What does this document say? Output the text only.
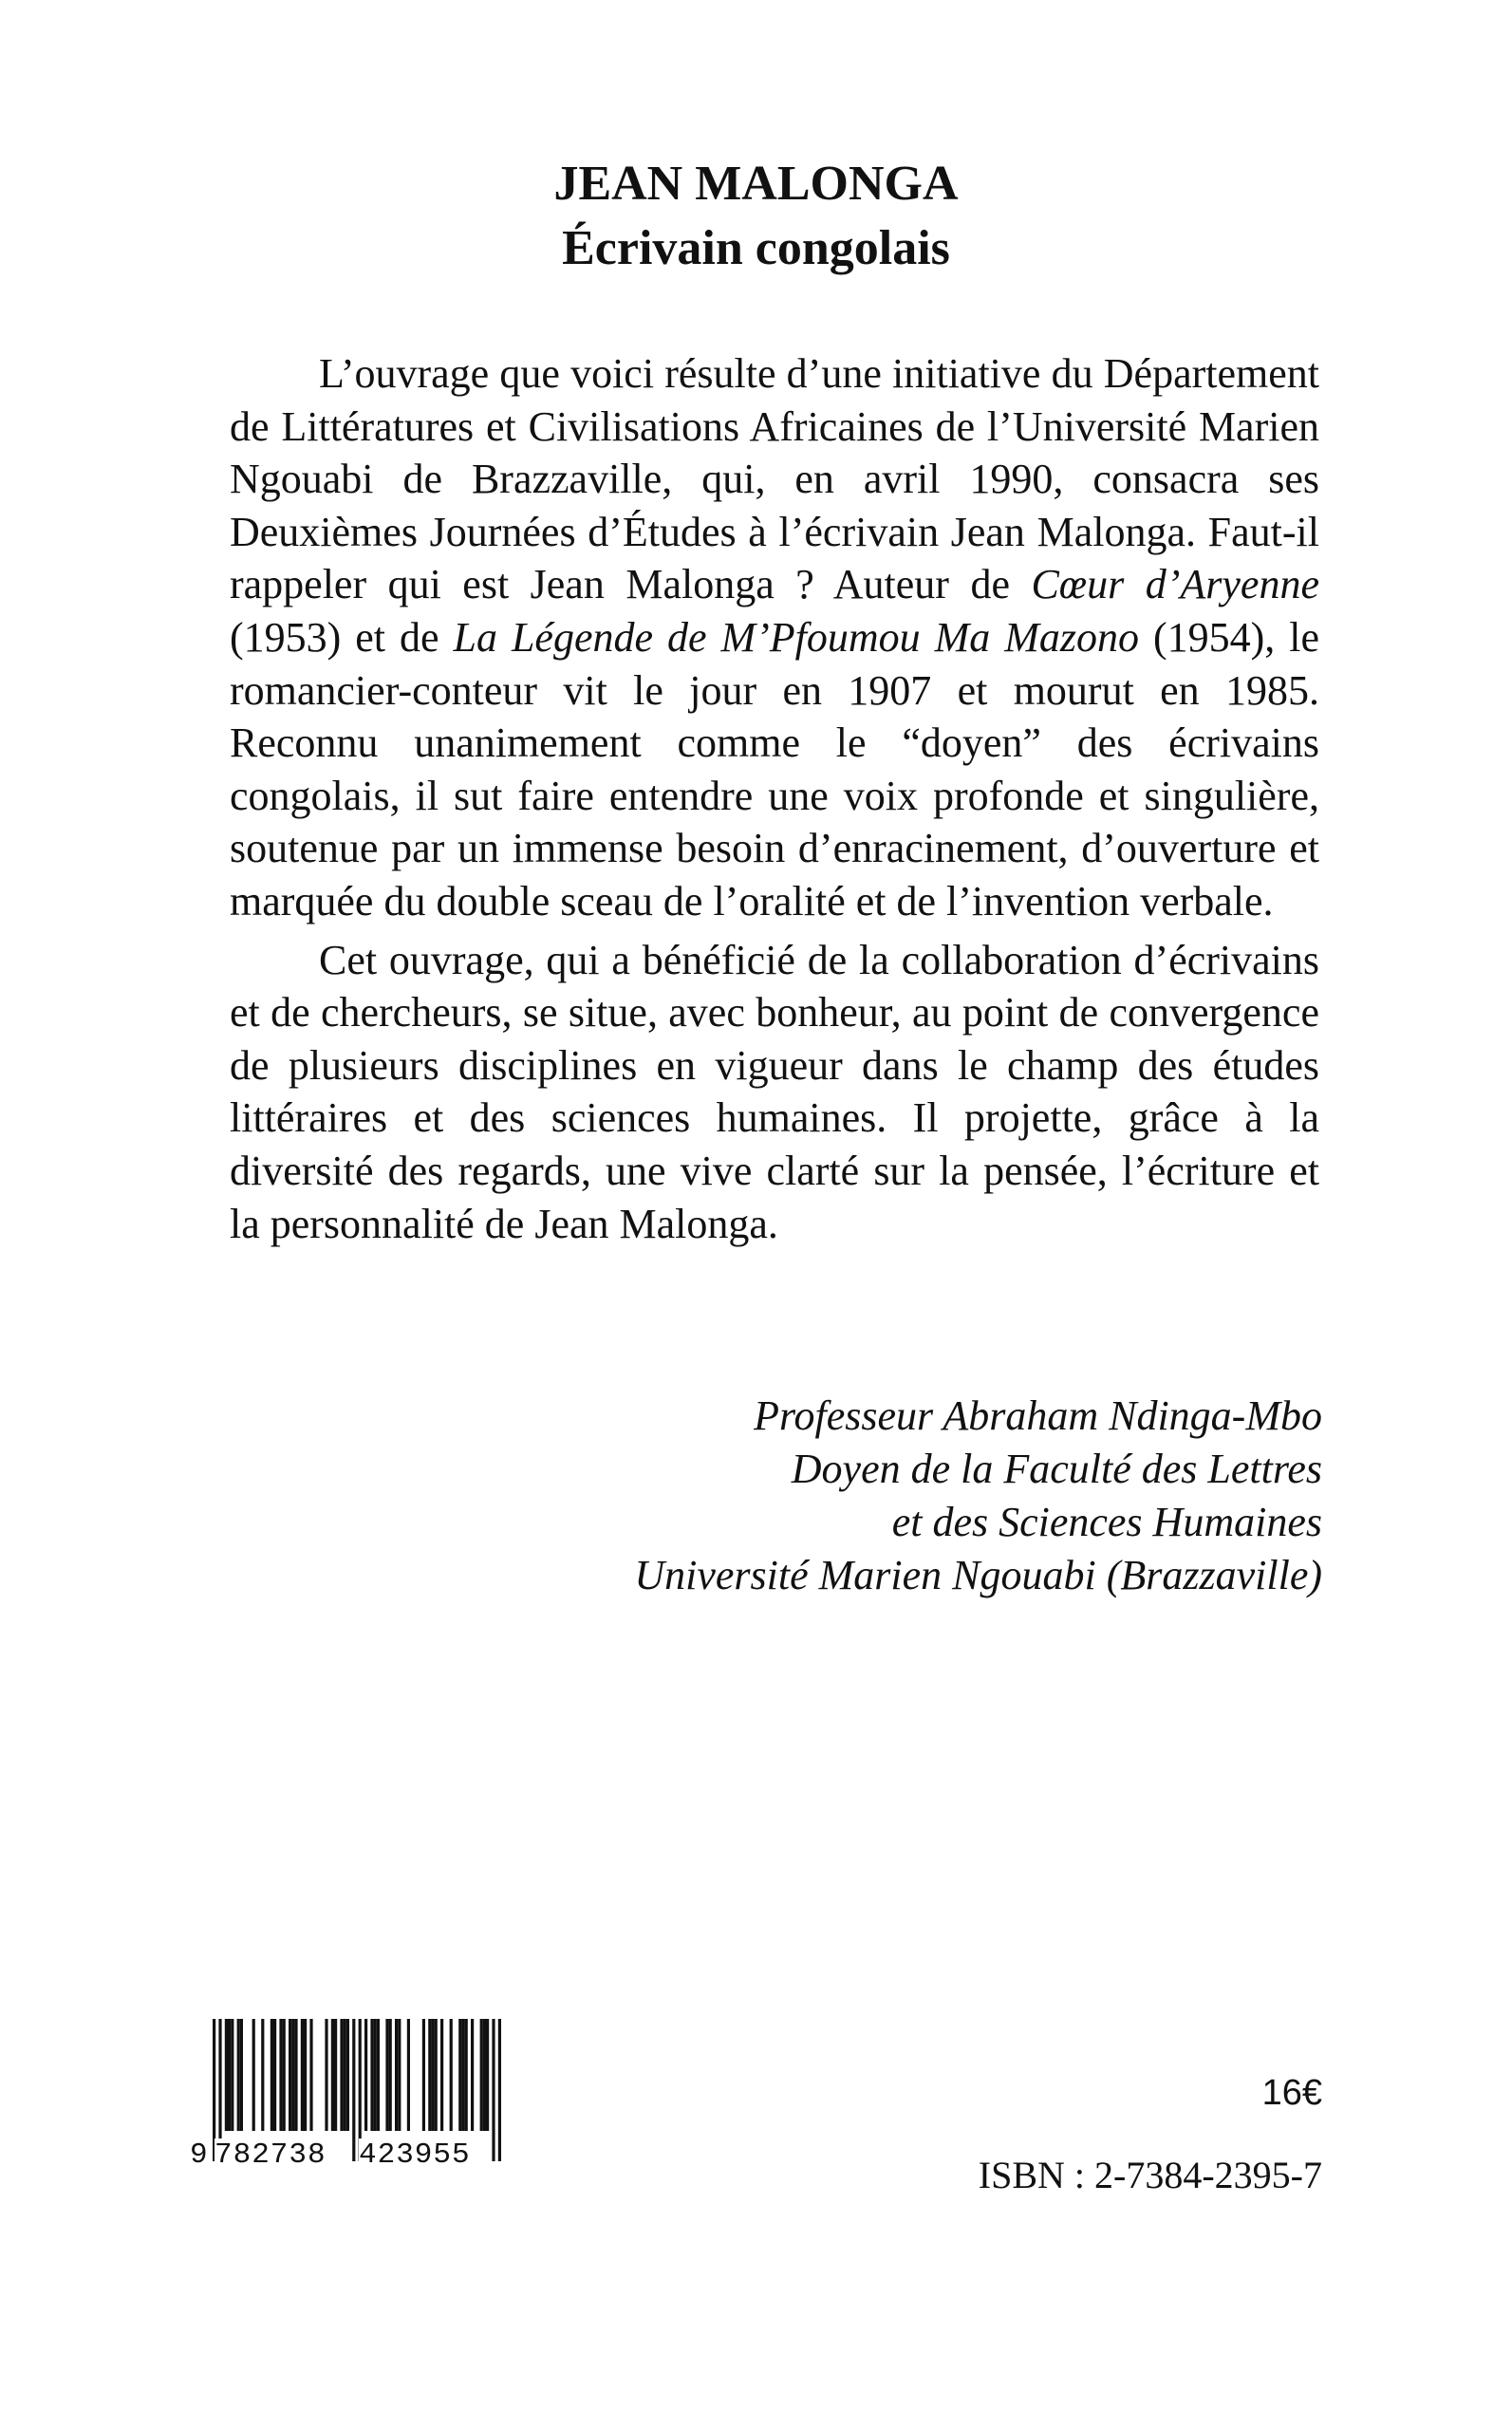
JEAN MALONGA
Écrivain congolais

L’ouvrage que voici résulte d’une initiative du Département de Littératures et Civilisations Africaines de l’Université Marien Ngouabi de Brazzaville, qui, en avril 1990, consacra ses Deuxièmes Journées d’Études à l’écrivain Jean Malonga. Faut-il rappeler qui est Jean Malonga ? Auteur de Cœur d’Aryenne (1953) et de La Légende de M’Pfoumou Ma Mazono (1954), le romancier-conteur vit le jour en 1907 et mourut en 1985. Reconnu unanimement comme le “doyen” des écrivains congolais, il sut faire entendre une voix profonde et singulière, soutenue par un immense besoin d’enracinement, d’ouverture et marquée du double sceau de l’oralité et de l’invention verbale.

Cet ouvrage, qui a bénéficié de la collaboration d’écrivains et de chercheurs, se situe, avec bonheur, au point de convergence de plusieurs disciplines en vigueur dans le champ des études littéraires et des sciences humaines. Il projette, grâce à la diversité des regards, une vive clarté sur la pensée, l’écriture et la personnalité de Jean Malonga.

Professeur Abraham Ndinga-Mbo
Doyen de la Faculté des Lettres
et des Sciences Humaines
Université Marien Ngouabi (Brazzaville)
9 782738 423955
16€
ISBN : 2-7384-2395-7
